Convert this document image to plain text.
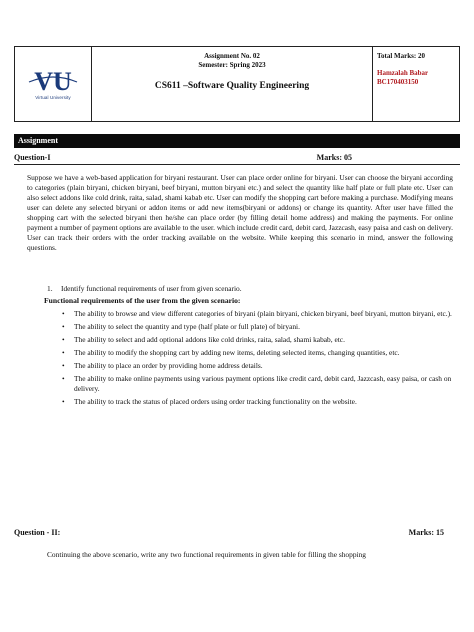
VU
Virtual University
Assignment No. 02
Semester: Spring 2023
CS611 –Software Quality Engineering
Total Marks: 20
Hamzalah Babar
BC170403150
Assignment
Question-I	Marks: 05

Suppose we have a web-based application for biryani restaurant. User can place order online for biryani. User can choose the biryani according to categories (plain biryani, chicken biryani, beef biryani, mutton biryani etc.) and select the quantity like half plate or full plate etc. User can also select addons like cold drink, raita, salad, shami kabab etc. User can modify the shopping cart before making a purchase. Modifying means user can delete any selected biryani or addon items or add new items(biryani or addons) or change its quantity. After user have filled the shopping cart with the selected biryani then he/she can place order (by filling detail home address) and making the payments. For online payment a number of payment options are available to the user. which include credit card, debit card, Jazzcash, easy paisa and cash on delivery. User can track their orders with the order tracking available on the website. While keeping this scenario in mind, answer the following questions.

1. Identify functional requirements of user from given scenario.
Functional requirements of the user from the given scenario:
• The ability to browse and view different categories of biryani (plain biryani, chicken biryani, beef biryani, mutton biryani, etc.).
• The ability to select the quantity and type (half plate or full plate) of biryani.
• The ability to select and add optional addons like cold drinks, raita, salad, shami kabab, etc.
• The ability to modify the shopping cart by adding new items, deleting selected items, changing quantities, etc.
• The ability to place an order by providing home address details.
• The ability to make online payments using various payment options like credit card, debit card, Jazzcash, easy paisa, or cash on delivery.
• The ability to track the status of placed orders using order tracking functionality on the website.
Question - II:	Marks: 15
Continuing the above scenario, write any two functional requirements in given table for filling the shopping
